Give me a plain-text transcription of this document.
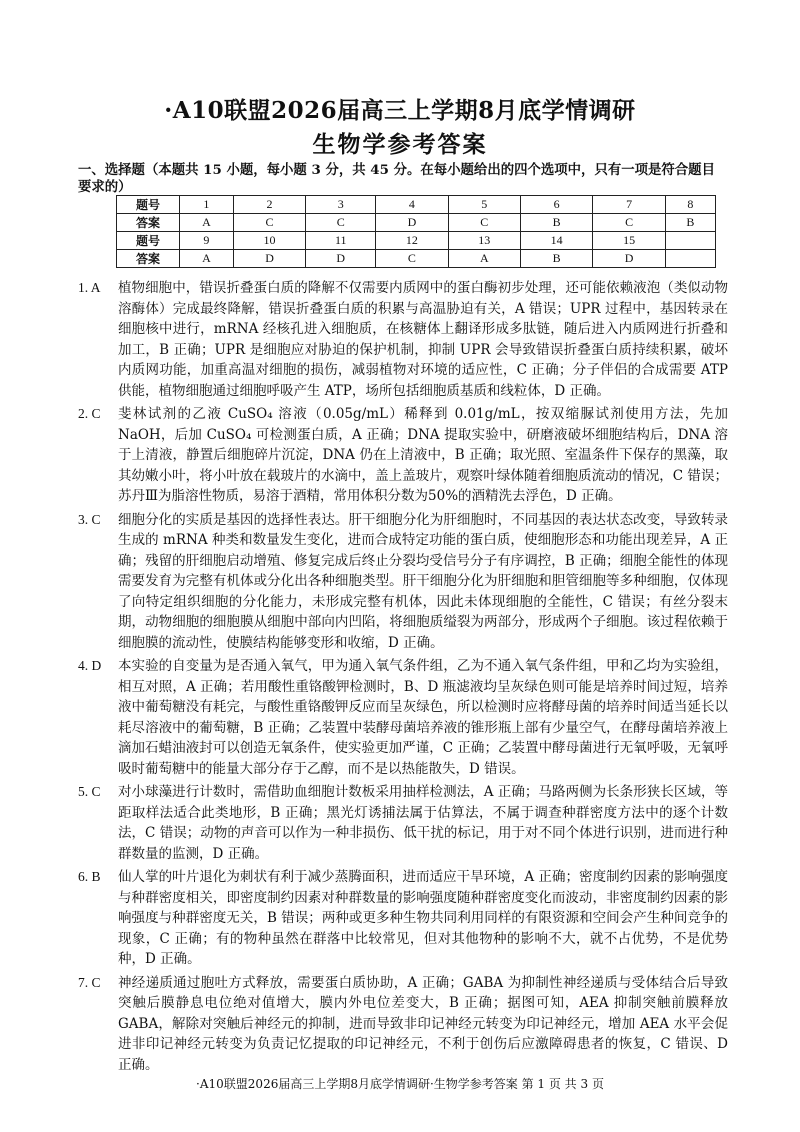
·A10联盟2026届高三上学期8月底学情调研
生物学参考答案
一、选择题（本题共 15 小题，每小题 3 分，共 45 分。在每小题给出的四个选项中，只有一项是符合题目要求的）
题号	1	2	3	4	5	6	7	8
答案	A	C	C	D	C	B	C	B
题号	9	10	11	12	13	14	15	
答案	A	D	D	C	A	B	D	
1. A	植物细胞中，错误折叠蛋白质的降解不仅需要内质网中的蛋白酶初步处理，还可能依赖液泡（类似动物溶酶体）完成最终降解，错误折叠蛋白质的积累与高温胁迫有关，A 错误；UPR 过程中，基因转录在细胞核中进行，mRNA 经核孔进入细胞质，在核糖体上翻译形成多肽链，随后进入内质网进行折叠和加工，B 正确；UPR 是细胞应对胁迫的保护机制，抑制 UPR 会导致错误折叠蛋白质持续积累，破坏内质网功能，加重高温对细胞的损伤，减弱植物对环境的适应性，C 正确；分子伴侣的合成需要 ATP 供能，植物细胞通过细胞呼吸产生 ATP，场所包括细胞质基质和线粒体，D 正确。
2. C	斐林试剂的乙液 CuSO₄ 溶液（0.05g/mL）稀释到 0.01g/mL，按双缩脲试剂使用方法，先加 NaOH，后加 CuSO₄ 可检测蛋白质，A 正确；DNA 提取实验中，研磨液破坏细胞结构后，DNA 溶于上清液，静置后细胞碎片沉淀，DNA 仍在上清液中，B 正确；取光照、室温条件下保存的黑藻，取其幼嫩小叶，将小叶放在载玻片的水滴中，盖上盖玻片，观察叶绿体随着细胞质流动的情况，C 错误；苏丹Ⅲ为脂溶性物质，易溶于酒精，常用体积分数为50%的酒精洗去浮色，D 正确。
3. C	细胞分化的实质是基因的选择性表达。肝干细胞分化为肝细胞时，不同基因的表达状态改变，导致转录生成的 mRNA 种类和数量发生变化，进而合成特定功能的蛋白质，使细胞形态和功能出现差异，A 正确；残留的肝细胞启动增殖、修复完成后终止分裂均受信号分子有序调控，B 正确；细胞全能性的体现需要发育为完整有机体或分化出各种细胞类型。肝干细胞分化为肝细胞和胆管细胞等多种细胞，仅体现了向特定组织细胞的分化能力，未形成完整有机体，因此未体现细胞的全能性，C 错误；有丝分裂末期，动物细胞的细胞膜从细胞中部向内凹陷，将细胞质缢裂为两部分，形成两个子细胞。该过程依赖于细胞膜的流动性，使膜结构能够变形和收缩，D 正确。
4. D	本实验的自变量为是否通入氧气，甲为通入氧气条件组，乙为不通入氧气条件组，甲和乙均为实验组，相互对照，A 正确；若用酸性重铬酸钾检测时，B、D 瓶滤液均呈灰绿色则可能是培养时间过短，培养液中葡萄糖没有耗完，与酸性重铬酸钾反应而呈灰绿色，所以检测时应将酵母菌的培养时间适当延长以耗尽溶液中的葡萄糖，B 正确；乙装置中装酵母菌培养液的锥形瓶上部有少量空气，在酵母菌培养液上滴加石蜡油液封可以创造无氧条件，使实验更加严谨，C 正确；乙装置中酵母菌进行无氧呼吸，无氧呼吸时葡萄糖中的能量大部分存于乙醇，而不是以热能散失，D 错误。
5. C	对小球藻进行计数时，需借助血细胞计数板采用抽样检测法，A 正确；马路两侧为长条形狭长区域，等距取样法适合此类地形，B 正确；黑光灯诱捕法属于估算法，不属于调查种群密度方法中的逐个计数法，C 错误；动物的声音可以作为一种非损伤、低干扰的标记，用于对不同个体进行识别，进而进行种群数量的监测，D 正确。
6. B	仙人掌的叶片退化为刺状有利于减少蒸腾面积，进而适应干旱环境，A 正确；密度制约因素的影响强度与种群密度相关，即密度制约因素对种群数量的影响强度随种群密度变化而波动，非密度制约因素的影响强度与种群密度无关，B 错误；两种或更多种生物共同利用同样的有限资源和空间会产生种间竞争的现象，C 正确；有的物种虽然在群落中比较常见，但对其他物种的影响不大，就不占优势，不是优势种，D 正确。
7. C	神经递质通过胞吐方式释放，需要蛋白质协助，A 正确；GABA 为抑制性神经递质与受体结合后导致突触后膜静息电位绝对值增大，膜内外电位差变大，B 正确；据图可知，AEA 抑制突触前膜释放 GABA，解除对突触后神经元的抑制，进而导致非印记神经元转变为印记神经元，增加 AEA 水平会促进非印记神经元转变为负责记忆提取的印记神经元，不利于创伤后应激障碍患者的恢复，C 错误、D 正确。
·A10联盟2026届高三上学期8月底学情调研·生物学参考答案 第 1 页 共 3 页
